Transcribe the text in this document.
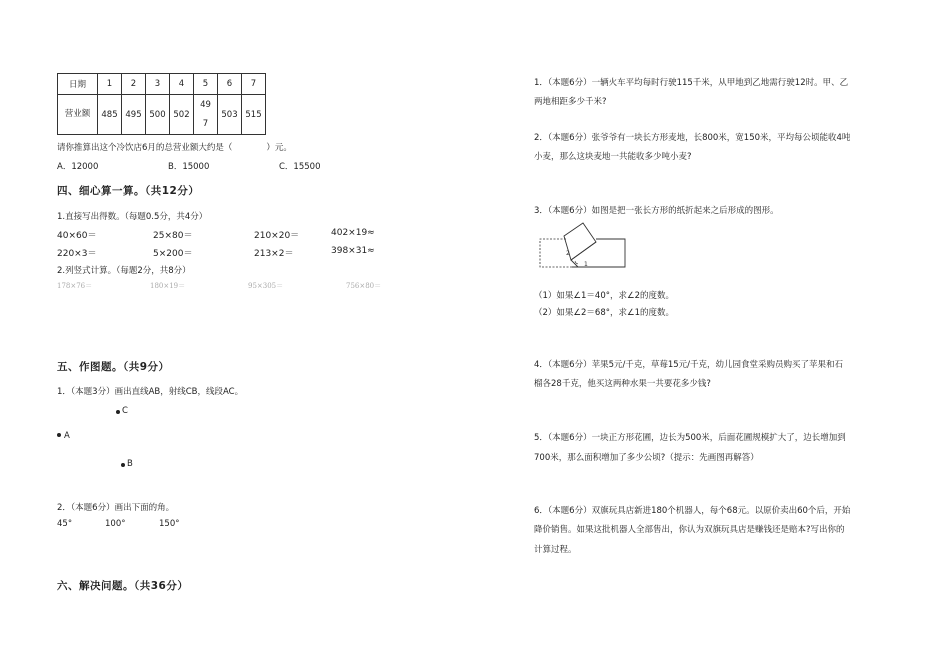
日期	1	2	3	4	5	6	7
营业额	485	495	500	502	497	503	515
请你推算出这个冷饮店6月的总营业额大约是（　　　　）元。
A．12000	B．15000	C．15500
四、细心算一算。（共12分）
1.直接写出得数。（每题0.5分，共4分）
40×60＝	25×80＝	210×20＝	402×19≈
220×3＝	5×200＝	213×2＝	398×31≈
2.列竖式计算。（每题2分，共8分）
178×76＝	180×19＝	95×305＝	756×80＝
五、作图题。（共9分）
1．（本题3分）画出直线AB，射线CB，线段AC。
C
A
B
2．（本题6分）画出下面的角。
45°	100°	150°
六、解决问题。（共36分）
1．（本题6分）一辆火车平均每时行驶115千米，从甲地到乙地需行驶12时。甲、乙
两地相距多少千米?
2．（本题6分）张爷爷有一块长方形麦地，长800米，宽150米，平均每公顷能收4吨
小麦，那么这块麦地一共能收多少吨小麦?
3．（本题6分）如图是把一张长方形的纸折起来之后形成的图形。
2
1
（1）如果∠1＝40°，求∠2的度数。
（2）如果∠2＝68°，求∠1的度数。
4．（本题6分）苹果5元/千克，草莓15元/千克，幼儿园食堂采购员购买了苹果和石
榴各28千克，他买这两种水果一共要花多少钱?
5．（本题6分）一块正方形花圃，边长为500米，后面花圃规模扩大了，边长增加到
700米，那么面积增加了多少公顷?（提示：先画图再解答）
6．（本题6分）双旗玩具店新进180个机器人，每个68元。以原价卖出60个后，开始
降价销售。如果这批机器人全部售出，你认为双旗玩具店是赚钱还是赔本?写出你的
计算过程。
